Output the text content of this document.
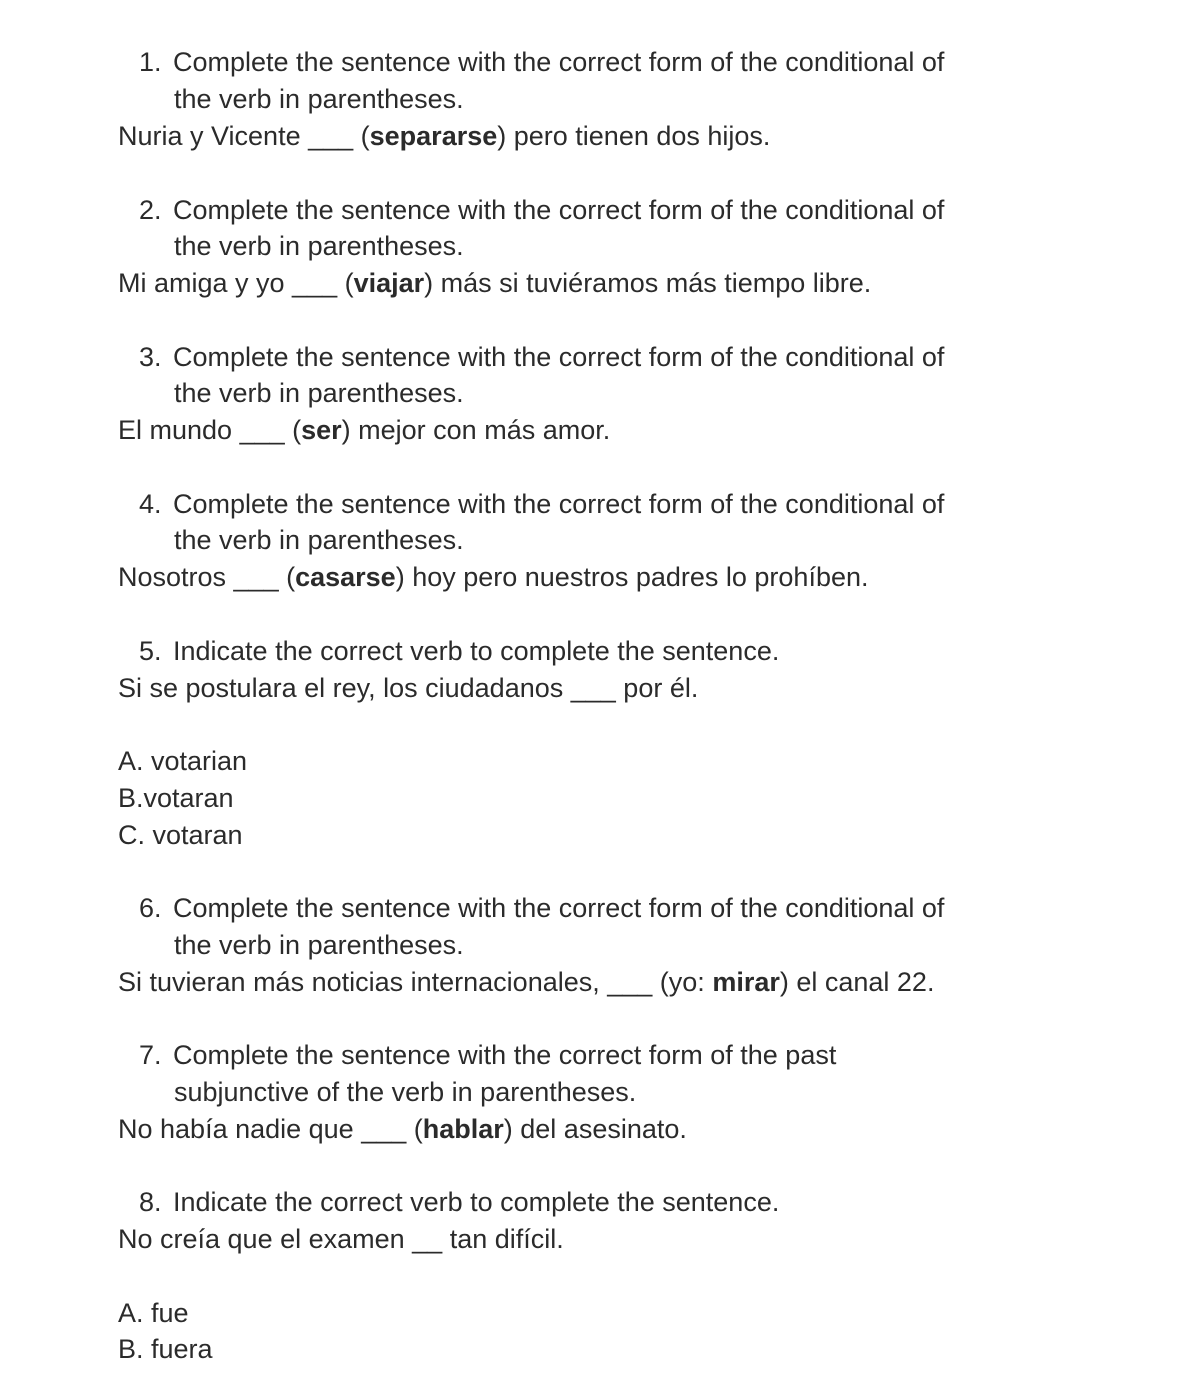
1. Complete the sentence with the correct form of the conditional of
the verb in parentheses.
Nuria y Vicente ___ (separarse) pero tienen dos hijos.
2. Complete the sentence with the correct form of the conditional of
the verb in parentheses.
Mi amiga y yo ___ (viajar) más si tuviéramos más tiempo libre.
3. Complete the sentence with the correct form of the conditional of
the verb in parentheses.
El mundo ___ (ser) mejor con más amor.
4. Complete the sentence with the correct form of the conditional of
the verb in parentheses.
Nosotros ___ (casarse) hoy pero nuestros padres lo prohíben.
5. Indicate the correct verb to complete the sentence.
Si se postulara el rey, los ciudadanos ___ por él.
A. votarian
B.votaran
C. votaran
6. Complete the sentence with the correct form of the conditional of
the verb in parentheses.
Si tuvieran más noticias internacionales, ___ (yo: mirar) el canal 22.
7. Complete the sentence with the correct form of the past
subjunctive of the verb in parentheses.
No había nadie que ___ (hablar) del asesinato.
8. Indicate the correct verb to complete the sentence.
No creía que el examen __ tan difícil.
A. fue
B. fuera
